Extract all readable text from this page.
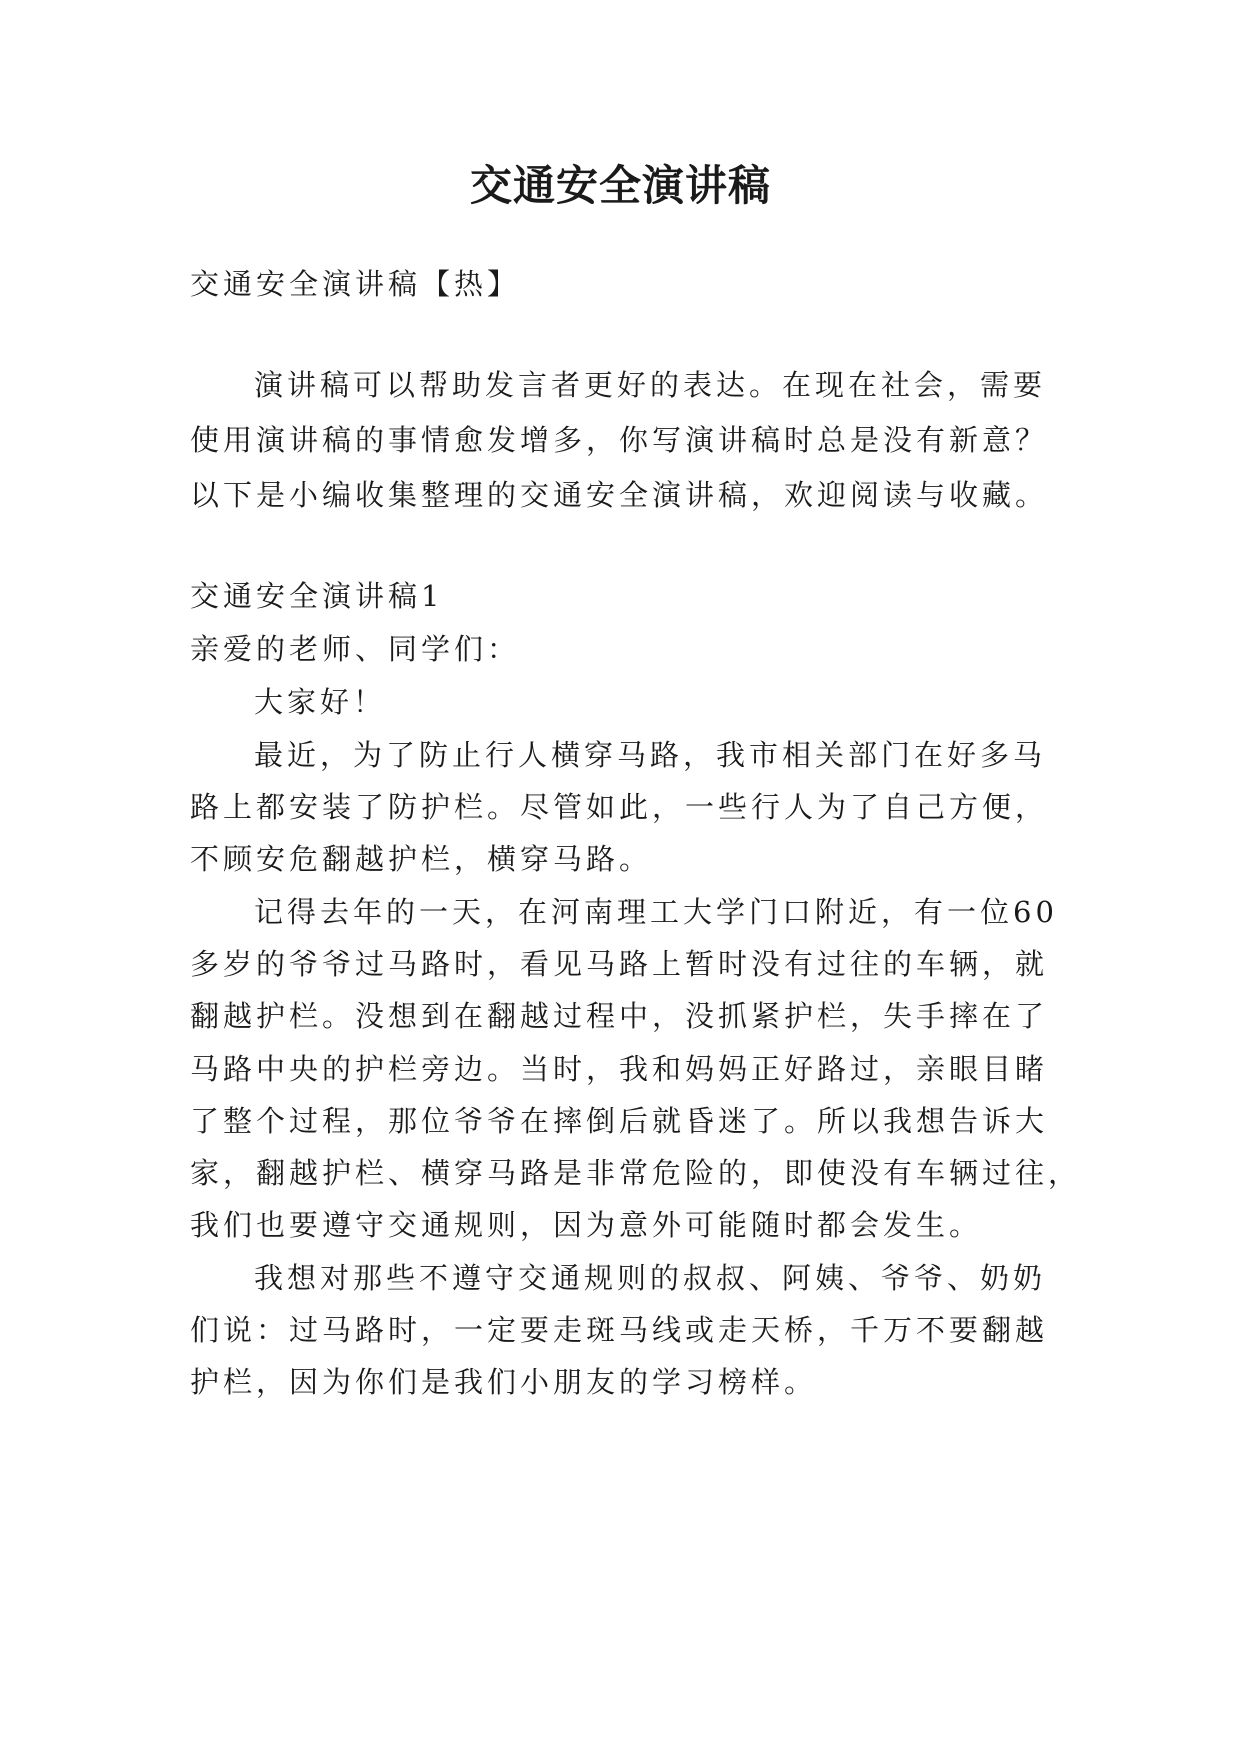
交通安全演讲稿

交通安全演讲稿【热】

演讲稿可以帮助发言者更好的表达。在现在社会，需要

使用演讲稿的事情愈发增多，你写演讲稿时总是没有新意？

以下是小编收集整理的交通安全演讲稿，欢迎阅读与收藏。

交通安全演讲稿1

亲爱的老师、同学们：

大家好！

最近，为了防止行人横穿马路，我市相关部门在好多马

路上都安装了防护栏。尽管如此，一些行人为了自己方便，

不顾安危翻越护栏，横穿马路。

记得去年的一天，在河南理工大学门口附近，有一位60

多岁的爷爷过马路时，看见马路上暂时没有过往的车辆，就

翻越护栏。没想到在翻越过程中，没抓紧护栏，失手摔在了

马路中央的护栏旁边。当时，我和妈妈正好路过，亲眼目睹

了整个过程，那位爷爷在摔倒后就昏迷了。所以我想告诉大

家，翻越护栏、横穿马路是非常危险的，即使没有车辆过往，

我们也要遵守交通规则，因为意外可能随时都会发生。

我想对那些不遵守交通规则的叔叔、阿姨、爷爷、奶奶

们说：过马路时，一定要走斑马线或走天桥，千万不要翻越

护栏，因为你们是我们小朋友的学习榜样。
